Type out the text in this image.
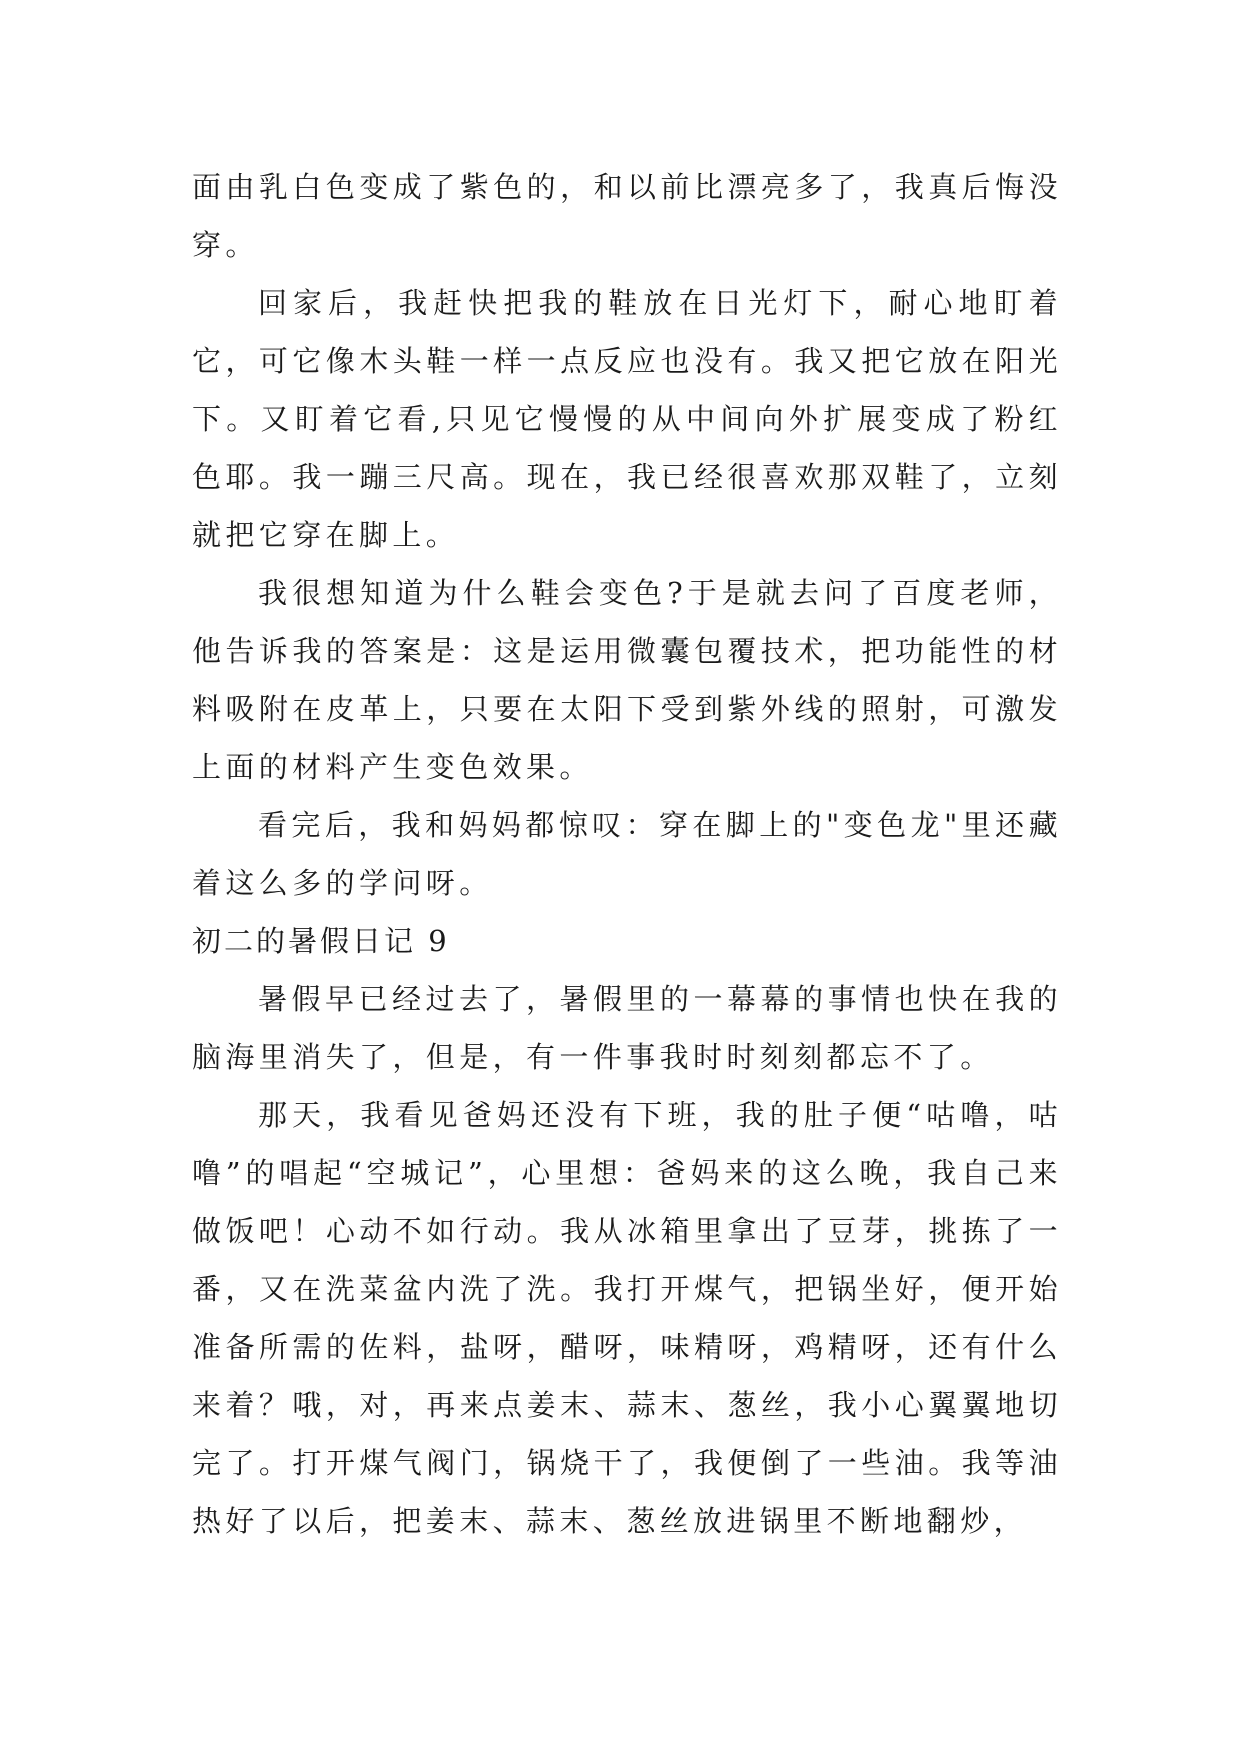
面由乳白色变成了紫色的，和以前比漂亮多了，我真后悔没穿。

回家后，我赶快把我的鞋放在日光灯下，耐心地盯着它，可它像木头鞋一样一点反应也没有。我又把它放在阳光下。又盯着它看,只见它慢慢的从中间向外扩展变成了粉红色耶。我一蹦三尺高。现在，我已经很喜欢那双鞋了，立刻就把它穿在脚上。

我很想知道为什么鞋会变色?于是就去问了百度老师，他告诉我的答案是：这是运用微囊包覆技术，把功能性的材料吸附在皮革上，只要在太阳下受到紫外线的照射，可激发上面的材料产生变色效果。

看完后，我和妈妈都惊叹：穿在脚上的"变色龙"里还藏着这么多的学问呀。

初二的暑假日记 9

暑假早已经过去了，暑假里的一幕幕的事情也快在我的脑海里消失了，但是，有一件事我时时刻刻都忘不了。

那天，我看见爸妈还没有下班，我的肚子便“咕噜，咕噜”的唱起“空城记”，心里想：爸妈来的这么晚，我自己来做饭吧！心动不如行动。我从冰箱里拿出了豆芽，挑拣了一番，又在洗菜盆内洗了洗。我打开煤气，把锅坐好，便开始准备所需的佐料，盐呀，醋呀，味精呀，鸡精呀，还有什么来着？哦，对，再来点姜末、蒜末、葱丝，我小心翼翼地切完了。打开煤气阀门，锅烧干了，我便倒了一些油。我等油热好了以后，把姜末、蒜末、葱丝放进锅里不断地翻炒，
